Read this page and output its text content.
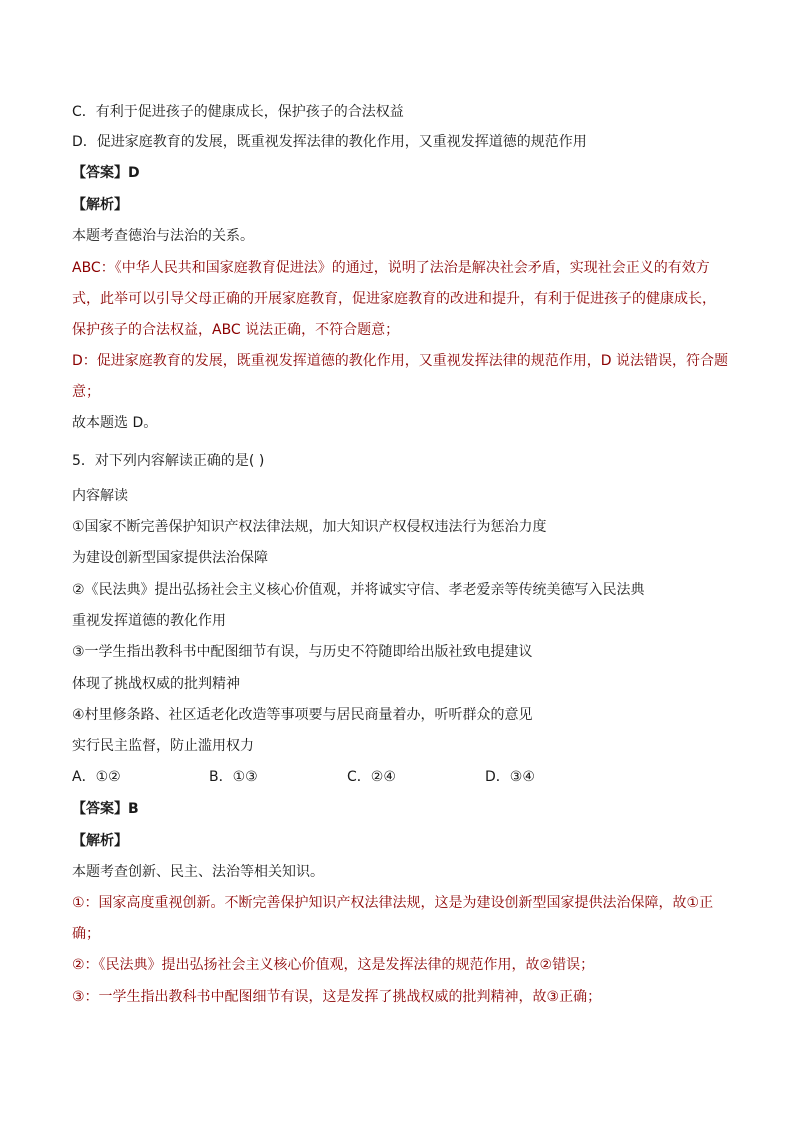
C．有利于促进孩子的健康成长，保护孩子的合法权益
D．促进家庭教育的发展，既重视发挥法律的教化作用，又重视发挥道德的规范作用
【答案】D
【解析】
本题考查德治与法治的关系。
ABC：《中华人民共和国家庭教育促进法》的通过，说明了法治是解决社会矛盾，实现社会正义的有效方
式，此举可以引导父母正确的开展家庭教育，促进家庭教育的改进和提升，有利于促进孩子的健康成长，
保护孩子的合法权益，ABC 说法正确，不符合题意；
D：促进家庭教育的发展，既重视发挥道德的教化作用，又重视发挥法律的规范作用，D 说法错误，符合题
意；
故本题选 D。
5．对下列内容解读正确的是( )
内容解读
①国家不断完善保护知识产权法律法规，加大知识产权侵权违法行为惩治力度
为建设创新型国家提供法治保障
②《民法典》提出弘扬社会主义核心价值观，并将诚实守信、孝老爱亲等传统美德写入民法典
重视发挥道德的教化作用
③一学生指出教科书中配图细节有误，与历史不符随即给出版社致电提建议
体现了挑战权威的批判精神
④村里修条路、社区适老化改造等事项要与居民商量着办，听听群众的意见
实行民主监督，防止滥用权力
A．①②	B．①③	C．②④	D．③④
【答案】B
【解析】
本题考查创新、民主、法治等相关知识。
①：国家高度重视创新。不断完善保护知识产权法律法规，这是为建设创新型国家提供法治保障，故①正
确；
②：《民法典》提出弘扬社会主义核心价值观，这是发挥法律的规范作用，故②错误；
③：一学生指出教科书中配图细节有误，这是发挥了挑战权威的批判精神，故③正确；
